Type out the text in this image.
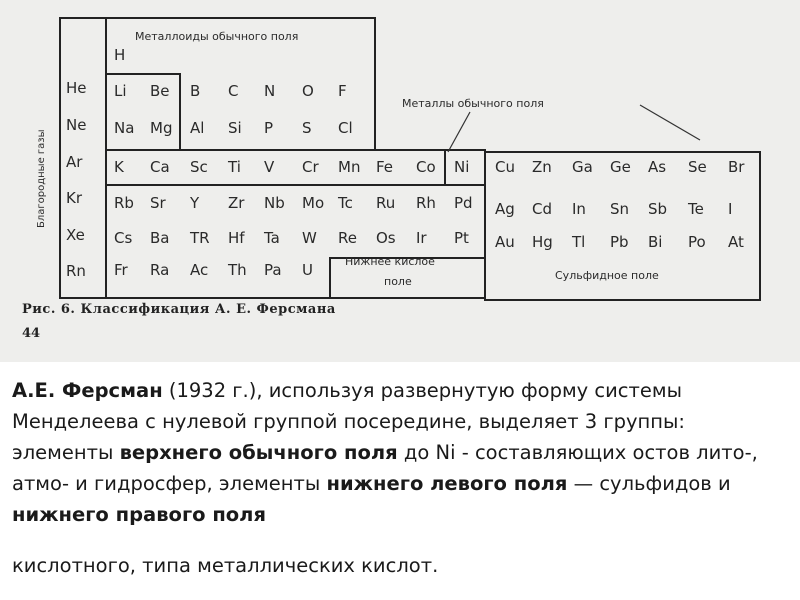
Благородные газы
Металлоиды обычного поля
Металлы обычного поля
Нижнее кислое
поле	Сульфидное поле
He
Ne
Ar
Kr
Xe
Rn
H
Li Be B C N O F
Na Mg Al Si P S Cl
K Ca Sc Ti V Cr Mn Fe Co Ni Cu Zn Ga Ge As Se Br
Rb Sr Y Zr Nb Mo Tc Ru Rh Pd Ag Cd In Sn Sb Te I
Cs Ba TR Hf Ta W Re Os Ir Pt Au Hg Tl Pb Bi Po At
Fr Ra Ac Th Pa U
Рис. 6. Классификация А. Е. Ферсмана
44

А.Е. Ферсман (1932 г.), используя развернутую форму системы Менделеева с нулевой группой посередине, выделяет 3 группы: элементы верхнего обычного поля до Ni - составляющих остов лито-, атмо- и гидросфер, элементы нижнего левого поля — сульфидов и нижнего правого поля

кислотного, типа металлических кислот.
